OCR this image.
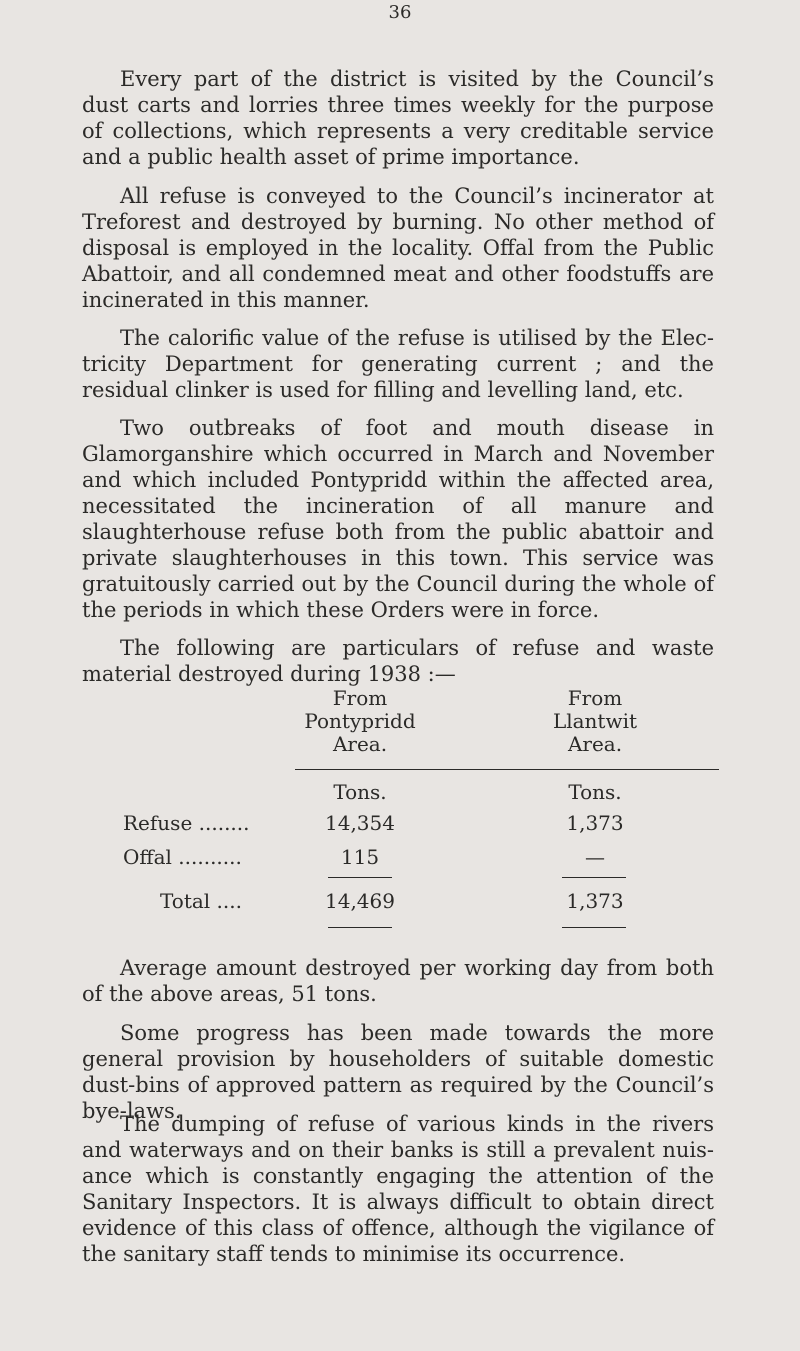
36

Every part of the district is visited by the Council’s dust carts and lorries three times weekly for the purpose of collections, which represents a very creditable service and a public health asset of prime importance.

All refuse is conveyed to the Council’s incinerator at Treforest and destroyed by burning. No other method of disposal is employed in the locality. Offal from the Public Abattoir, and all condemned meat and other foodstuffs are incinerated in this manner.

The calorific value of the refuse is utilised by the Electricity Department for generating current ; and the residual clinker is used for filling and levelling land, etc.

Two outbreaks of foot and mouth disease in Glamorganshire which occurred in March and November and which included Pontypridd within the affected area, necessitated the incineration of all manure and slaughterhouse refuse both from the public abattoir and private slaughterhouses in this town. This service was gratuitously carried out by the Council during the whole of the periods in which these Orders were in force.

The following are particulars of refuse and waste material destroyed during 1938 :—

From
Pontypridd
Area.
From
Llantwit
Area.
Tons.	Tons.
Refuse ........	14,354	1,373
Offal ..........	115	—
Total ....	14,469	1,373

Average amount destroyed per working day from both of the above areas, 51 tons.

Some progress has been made towards the more general provision by householders of suitable domestic dust-bins of approved pattern as required by the Council’s bye-laws.

The dumping of refuse of various kinds in the rivers and waterways and on their banks is still a prevalent nuisance which is constantly engaging the attention of the Sanitary Inspectors. It is always difficult to obtain direct evidence of this class of offence, although the vigilance of the sanitary staff tends to minimise its occurrence.
